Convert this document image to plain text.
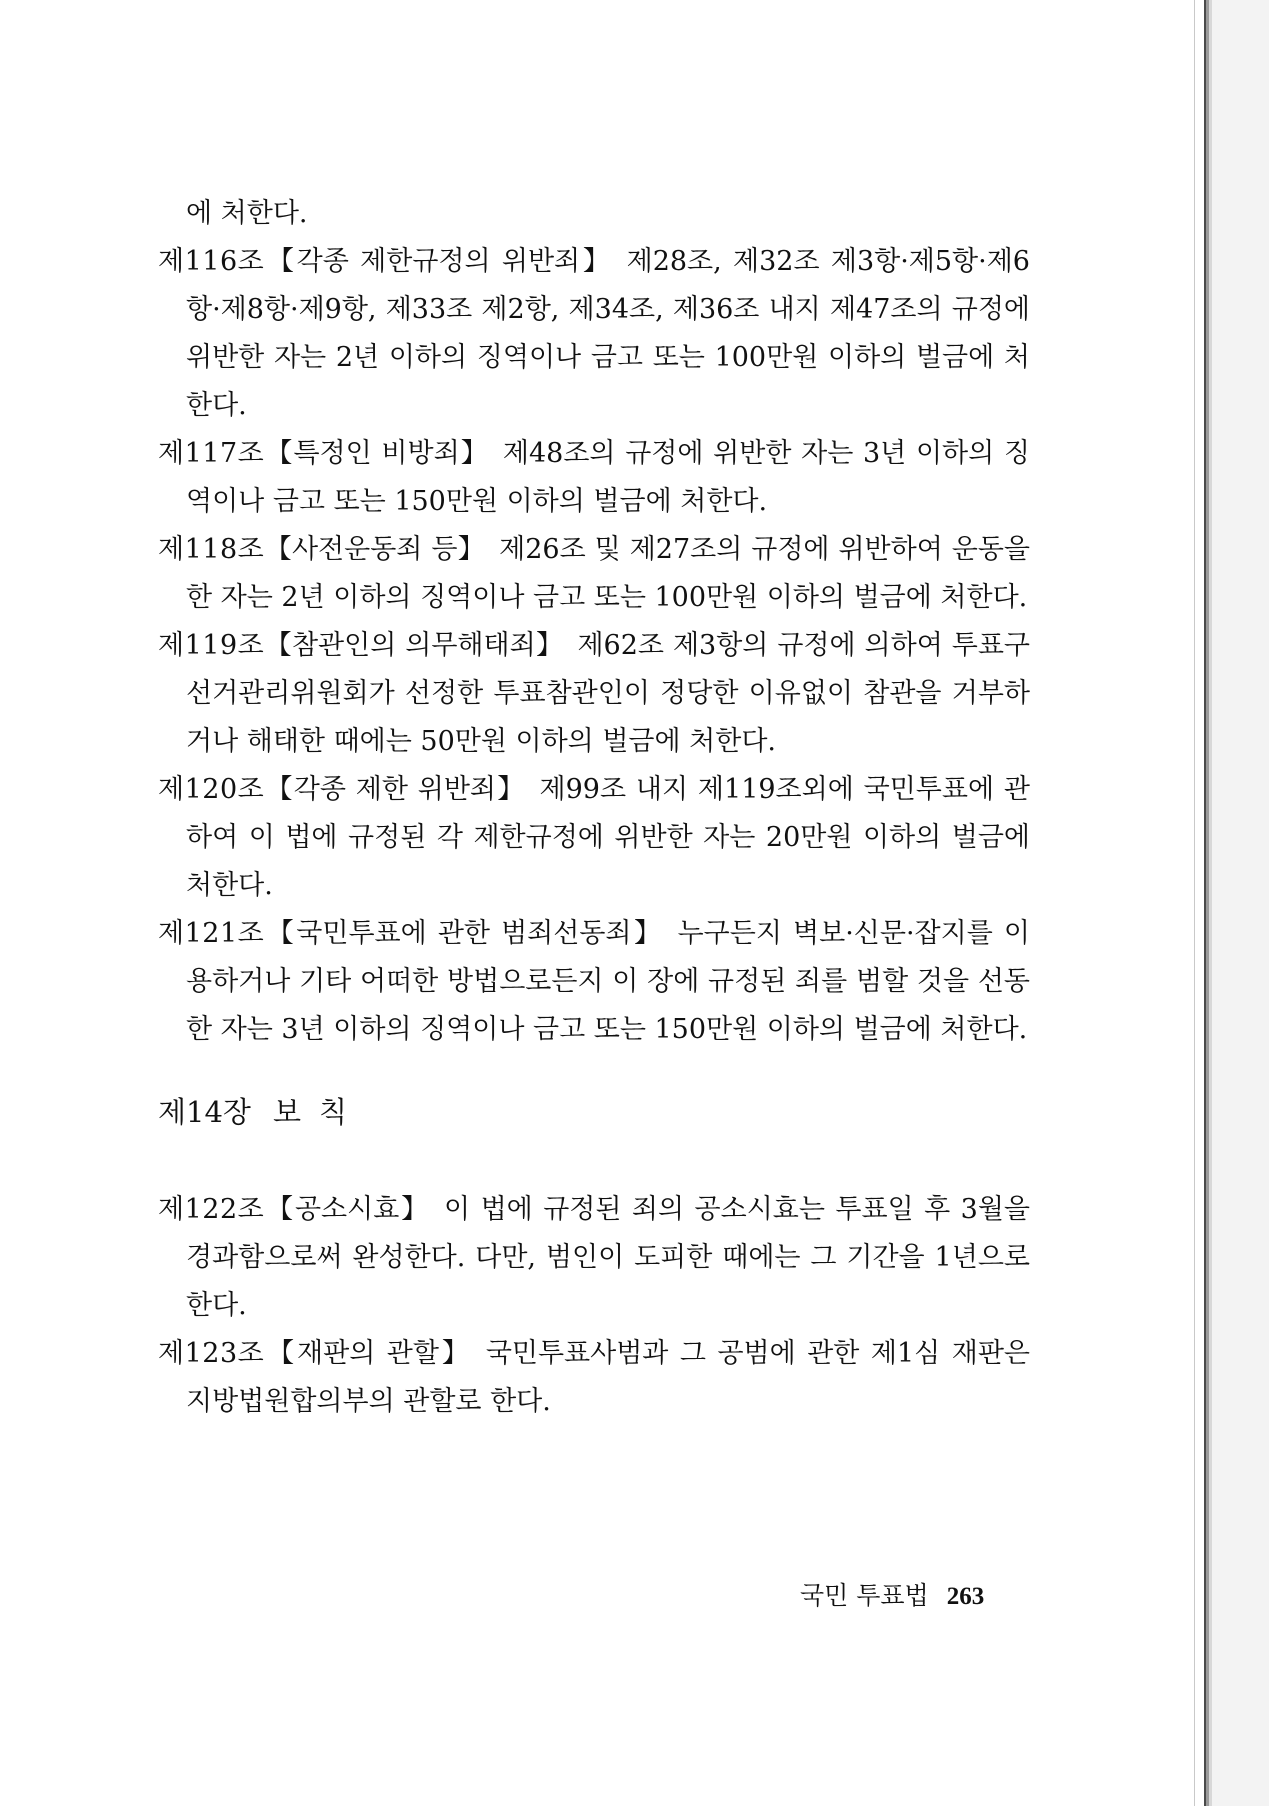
에 처한다.

제116조【각종 제한규정의 위반죄】 제28조, 제32조 제3항·제5항·제6항·제8항·제9항, 제33조 제2항, 제34조, 제36조 내지 제47조의 규정에 위반한 자는 2년 이하의 징역이나 금고 또는 100만원 이하의 벌금에 처한다.

제117조【특정인 비방죄】 제48조의 규정에 위반한 자는 3년 이하의 징역이나 금고 또는 150만원 이하의 벌금에 처한다.

제118조【사전운동죄 등】 제26조 및 제27조의 규정에 위반하여 운동을 한 자는 2년 이하의 징역이나 금고 또는 100만원 이하의 벌금에 처한다.

제119조【참관인의 의무해태죄】 제62조 제3항의 규정에 의하여 투표구 선거관리위원회가 선정한 투표참관인이 정당한 이유없이 참관을 거부하거나 해태한 때에는 50만원 이하의 벌금에 처한다.

제120조【각종 제한 위반죄】 제99조 내지 제119조외에 국민투표에 관하여 이 법에 규정된 각 제한규정에 위반한 자는 20만원 이하의 벌금에 처한다.

제121조【국민투표에 관한 범죄선동죄】 누구든지 벽보·신문·잡지를 이용하거나 기타 어떠한 방법으로든지 이 장에 규정된 죄를 범할 것을 선동한 자는 3년 이하의 징역이나 금고 또는 150만원 이하의 벌금에 처한다.

제14장 보칙

제122조【공소시효】 이 법에 규정된 죄의 공소시효는 투표일 후 3월을 경과함으로써 완성한다. 다만, 범인이 도피한 때에는 그 기간을 1년으로 한다.

제123조【재판의 관할】 국민투표사범과 그 공범에 관한 제1심 재판은 지방법원합의부의 관할로 한다.

국민 투표법 263
